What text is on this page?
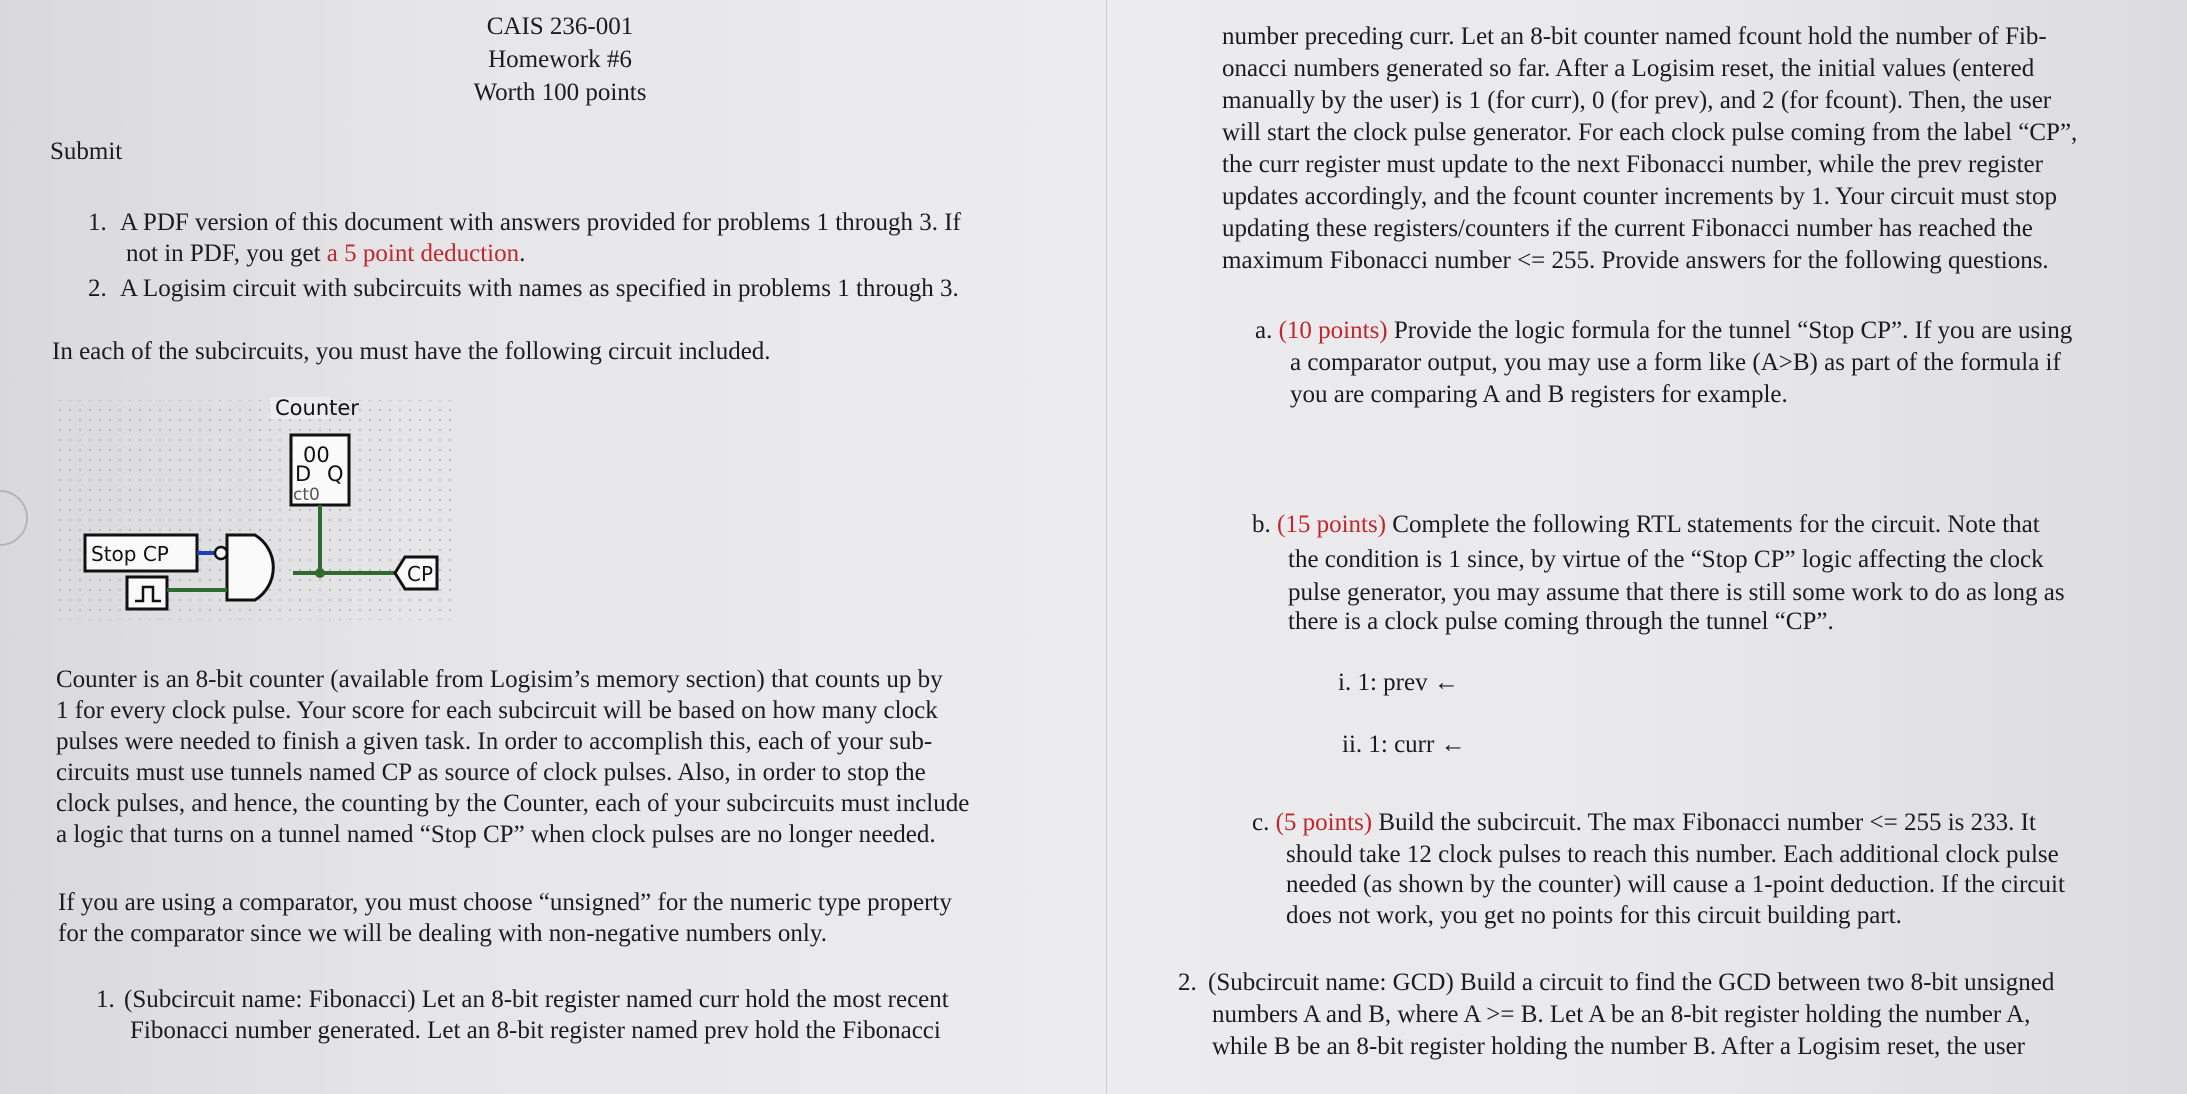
CAIS 236-001
Homework #6
Worth 100 points
Submit
1. A PDF version of this document with answers provided for problems 1 through 3. If
not in PDF, you get a 5 point deduction.
2. A Logisim circuit with subcircuits with names as specified in problems 1 through 3.
In each of the subcircuits, you must have the following circuit included.
Counter
00
D Q
ct0
Stop CP
CP
Counter is an 8-bit counter (available from Logisim’s memory section) that counts up by
1 for every clock pulse. Your score for each subcircuit will be based on how many clock
pulses were needed to finish a given task. In order to accomplish this, each of your sub-
circuits must use tunnels named CP as source of clock pulses. Also, in order to stop the
clock pulses, and hence, the counting by the Counter, each of your subcircuits must include
a logic that turns on a tunnel named “Stop CP” when clock pulses are no longer needed.
If you are using a comparator, you must choose “unsigned” for the numeric type property
for the comparator since we will be dealing with non-negative numbers only.
1. (Subcircuit name: Fibonacci) Let an 8-bit register named curr hold the most recent
Fibonacci number generated. Let an 8-bit register named prev hold the Fibonacci
number preceding curr. Let an 8-bit counter named fcount hold the number of Fib-
onacci numbers generated so far. After a Logisim reset, the initial values (entered
manually by the user) is 1 (for curr), 0 (for prev), and 2 (for fcount). Then, the user
will start the clock pulse generator. For each clock pulse coming from the label “CP”,
the curr register must update to the next Fibonacci number, while the prev register
updates accordingly, and the fcount counter increments by 1. Your circuit must stop
updating these registers/counters if the current Fibonacci number has reached the
maximum Fibonacci number <= 255. Provide answers for the following questions.
a. (10 points) Provide the logic formula for the tunnel “Stop CP”. If you are using
a comparator output, you may use a form like (A>B) as part of the formula if
you are comparing A and B registers for example.
b. (15 points) Complete the following RTL statements for the circuit. Note that
the condition is 1 since, by virtue of the “Stop CP” logic affecting the clock
pulse generator, you may assume that there is still some work to do as long as
there is a clock pulse coming through the tunnel “CP”.
i. 1: prev ←
ii. 1: curr ←
c. (5 points) Build the subcircuit. The max Fibonacci number <= 255 is 233. It
should take 12 clock pulses to reach this number. Each additional clock pulse
needed (as shown by the counter) will cause a 1-point deduction. If the circuit
does not work, you get no points for this circuit building part.
2. (Subcircuit name: GCD) Build a circuit to find the GCD between two 8-bit unsigned
numbers A and B, where A >= B. Let A be an 8-bit register holding the number A,
while B be an 8-bit register holding the number B. After a Logisim reset, the user
